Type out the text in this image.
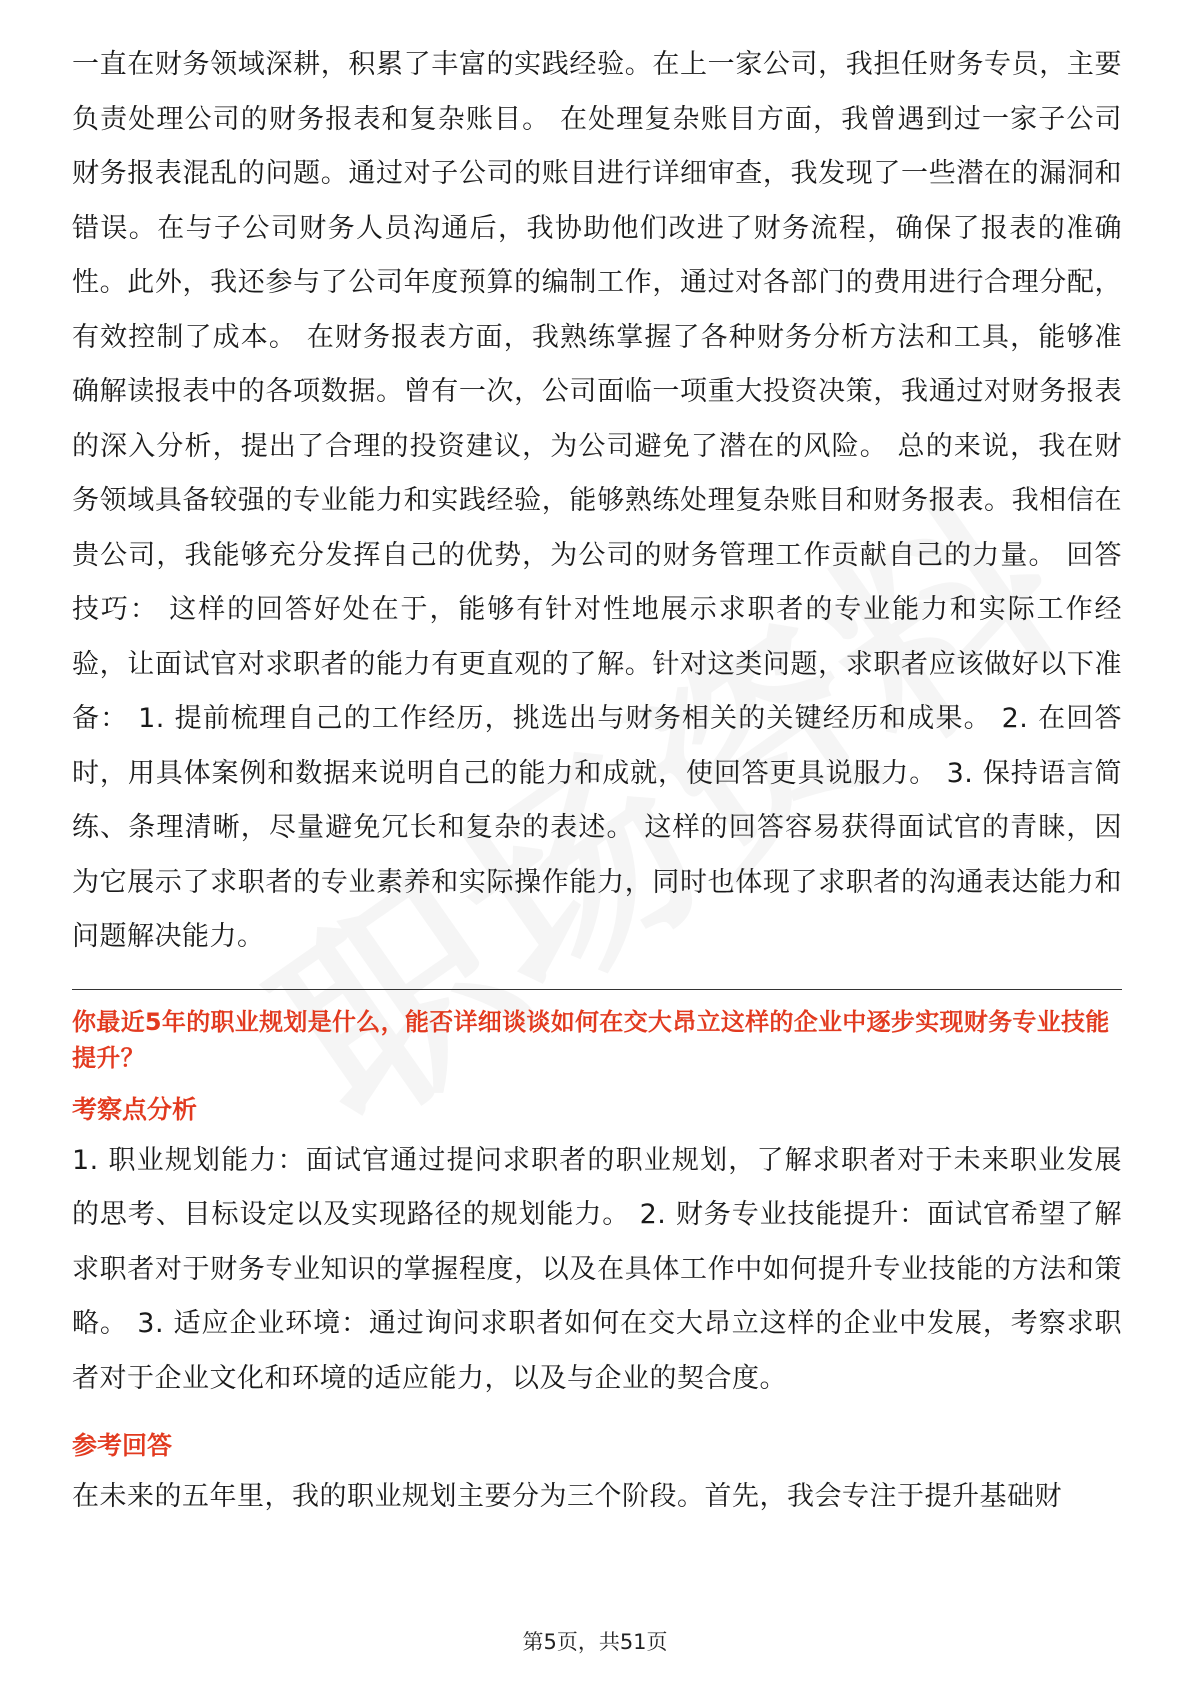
一直在财务领域深耕，积累了丰富的实践经验。在上一家公司，我担任财务专员，主要负责处理公司的财务报表和复杂账目。 在处理复杂账目方面，我曾遇到过一家子公司财务报表混乱的问题。通过对子公司的账目进行详细审查，我发现了一些潜在的漏洞和错误。在与子公司财务人员沟通后，我协助他们改进了财务流程，确保了报表的准确性。此外，我还参与了公司年度预算的编制工作，通过对各部门的费用进行合理分配，有效控制了成本。 在财务报表方面，我熟练掌握了各种财务分析方法和工具，能够准确解读报表中的各项数据。曾有一次，公司面临一项重大投资决策，我通过对财务报表的深入分析，提出了合理的投资建议，为公司避免了潜在的风险。 总的来说，我在财务领域具备较强的专业能力和实践经验，能够熟练处理复杂账目和财务报表。我相信在贵公司，我能够充分发挥自己的优势，为公司的财务管理工作贡献自己的力量。 回答技巧： 这样的回答好处在于，能够有针对性地展示求职者的专业能力和实际工作经验，让面试官对求职者的能力有更直观的了解。针对这类问题，求职者应该做好以下准备： 1. 提前梳理自己的工作经历，挑选出与财务相关的关键经历和成果。 2. 在回答时，用具体案例和数据来说明自己的能力和成就，使回答更具说服力。 3. 保持语言简练、条理清晰，尽量避免冗长和复杂的表述。 这样的回答容易获得面试官的青睐，因为它展示了求职者的专业素养和实际操作能力，同时也体现了求职者的沟通表达能力和问题解决能力。

你最近5年的职业规划是什么，能否详细谈谈如何在交大昂立这样的企业中逐步实现财务专业技能提升？

考察点分析

1. 职业规划能力：面试官通过提问求职者的职业规划，了解求职者对于未来职业发展的思考、目标设定以及实现路径的规划能力。 2. 财务专业技能提升：面试官希望了解求职者对于财务专业知识的掌握程度，以及在具体工作中如何提升专业技能的方法和策略。 3. 适应企业环境：通过询问求职者如何在交大昂立这样的企业中发展，考察求职者对于企业文化和环境的适应能力，以及与企业的契合度。

参考回答

在未来的五年里，我的职业规划主要分为三个阶段。首先，我会专注于提升基础财

第5页，共51页
